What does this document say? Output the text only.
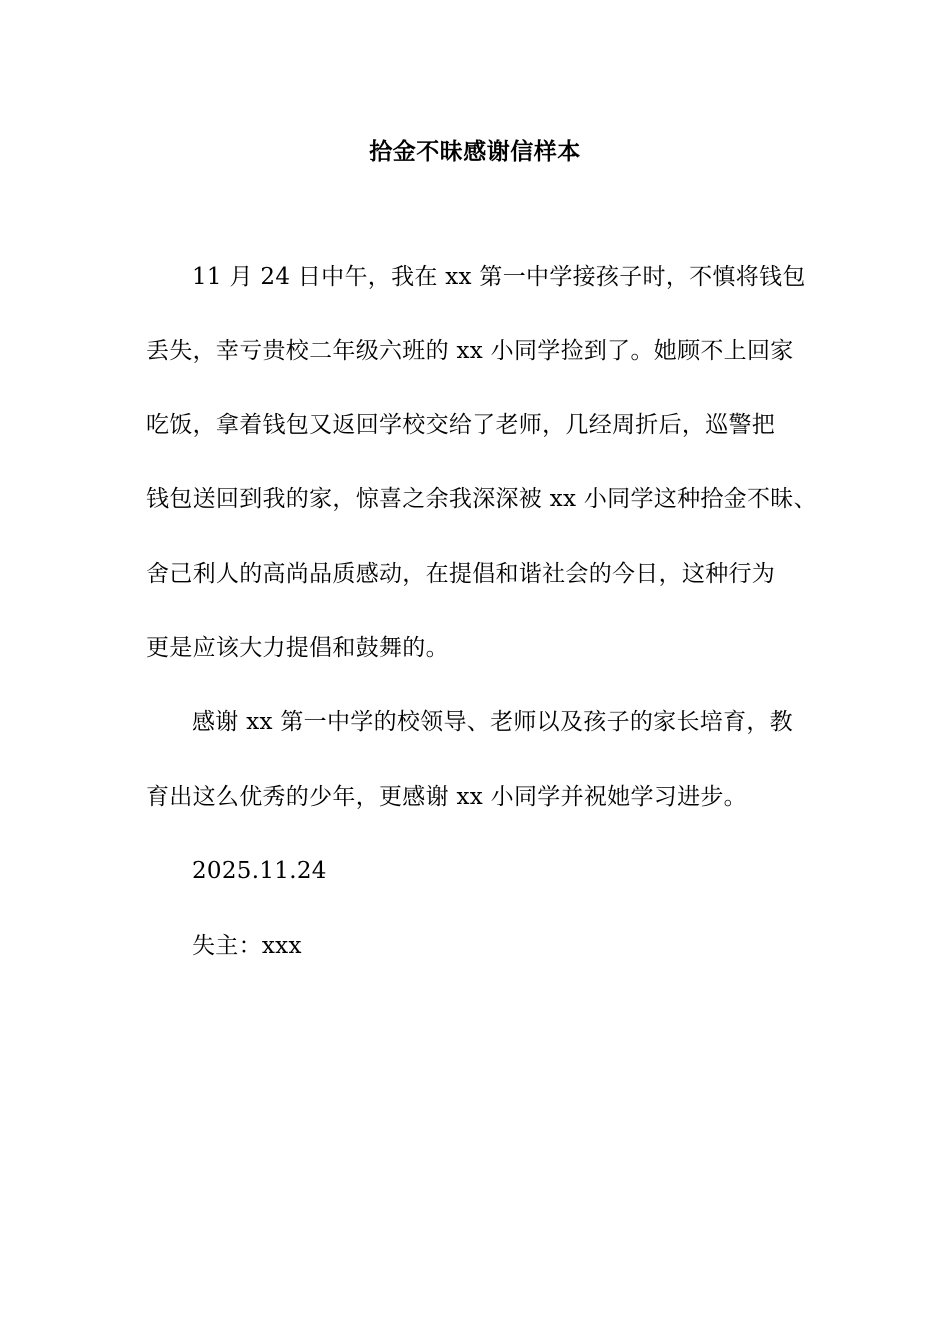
拾金不昧感谢信样本
11 月 24 日中午，我在 xx 第一中学接孩子时，不慎将钱包
丢失，幸亏贵校二年级六班的 xx 小同学捡到了。她顾不上回家
吃饭，拿着钱包又返回学校交给了老师，几经周折后，巡警把
钱包送回到我的家，惊喜之余我深深被 xx 小同学这种拾金不昧、
舍己利人的高尚品质感动，在提倡和谐社会的今日，这种行为
更是应该大力提倡和鼓舞的。
感谢 xx 第一中学的校领导、老师以及孩子的家长培育，教
育出这么优秀的少年，更感谢 xx 小同学并祝她学习进步。
2025.11.24
失主：xxx
